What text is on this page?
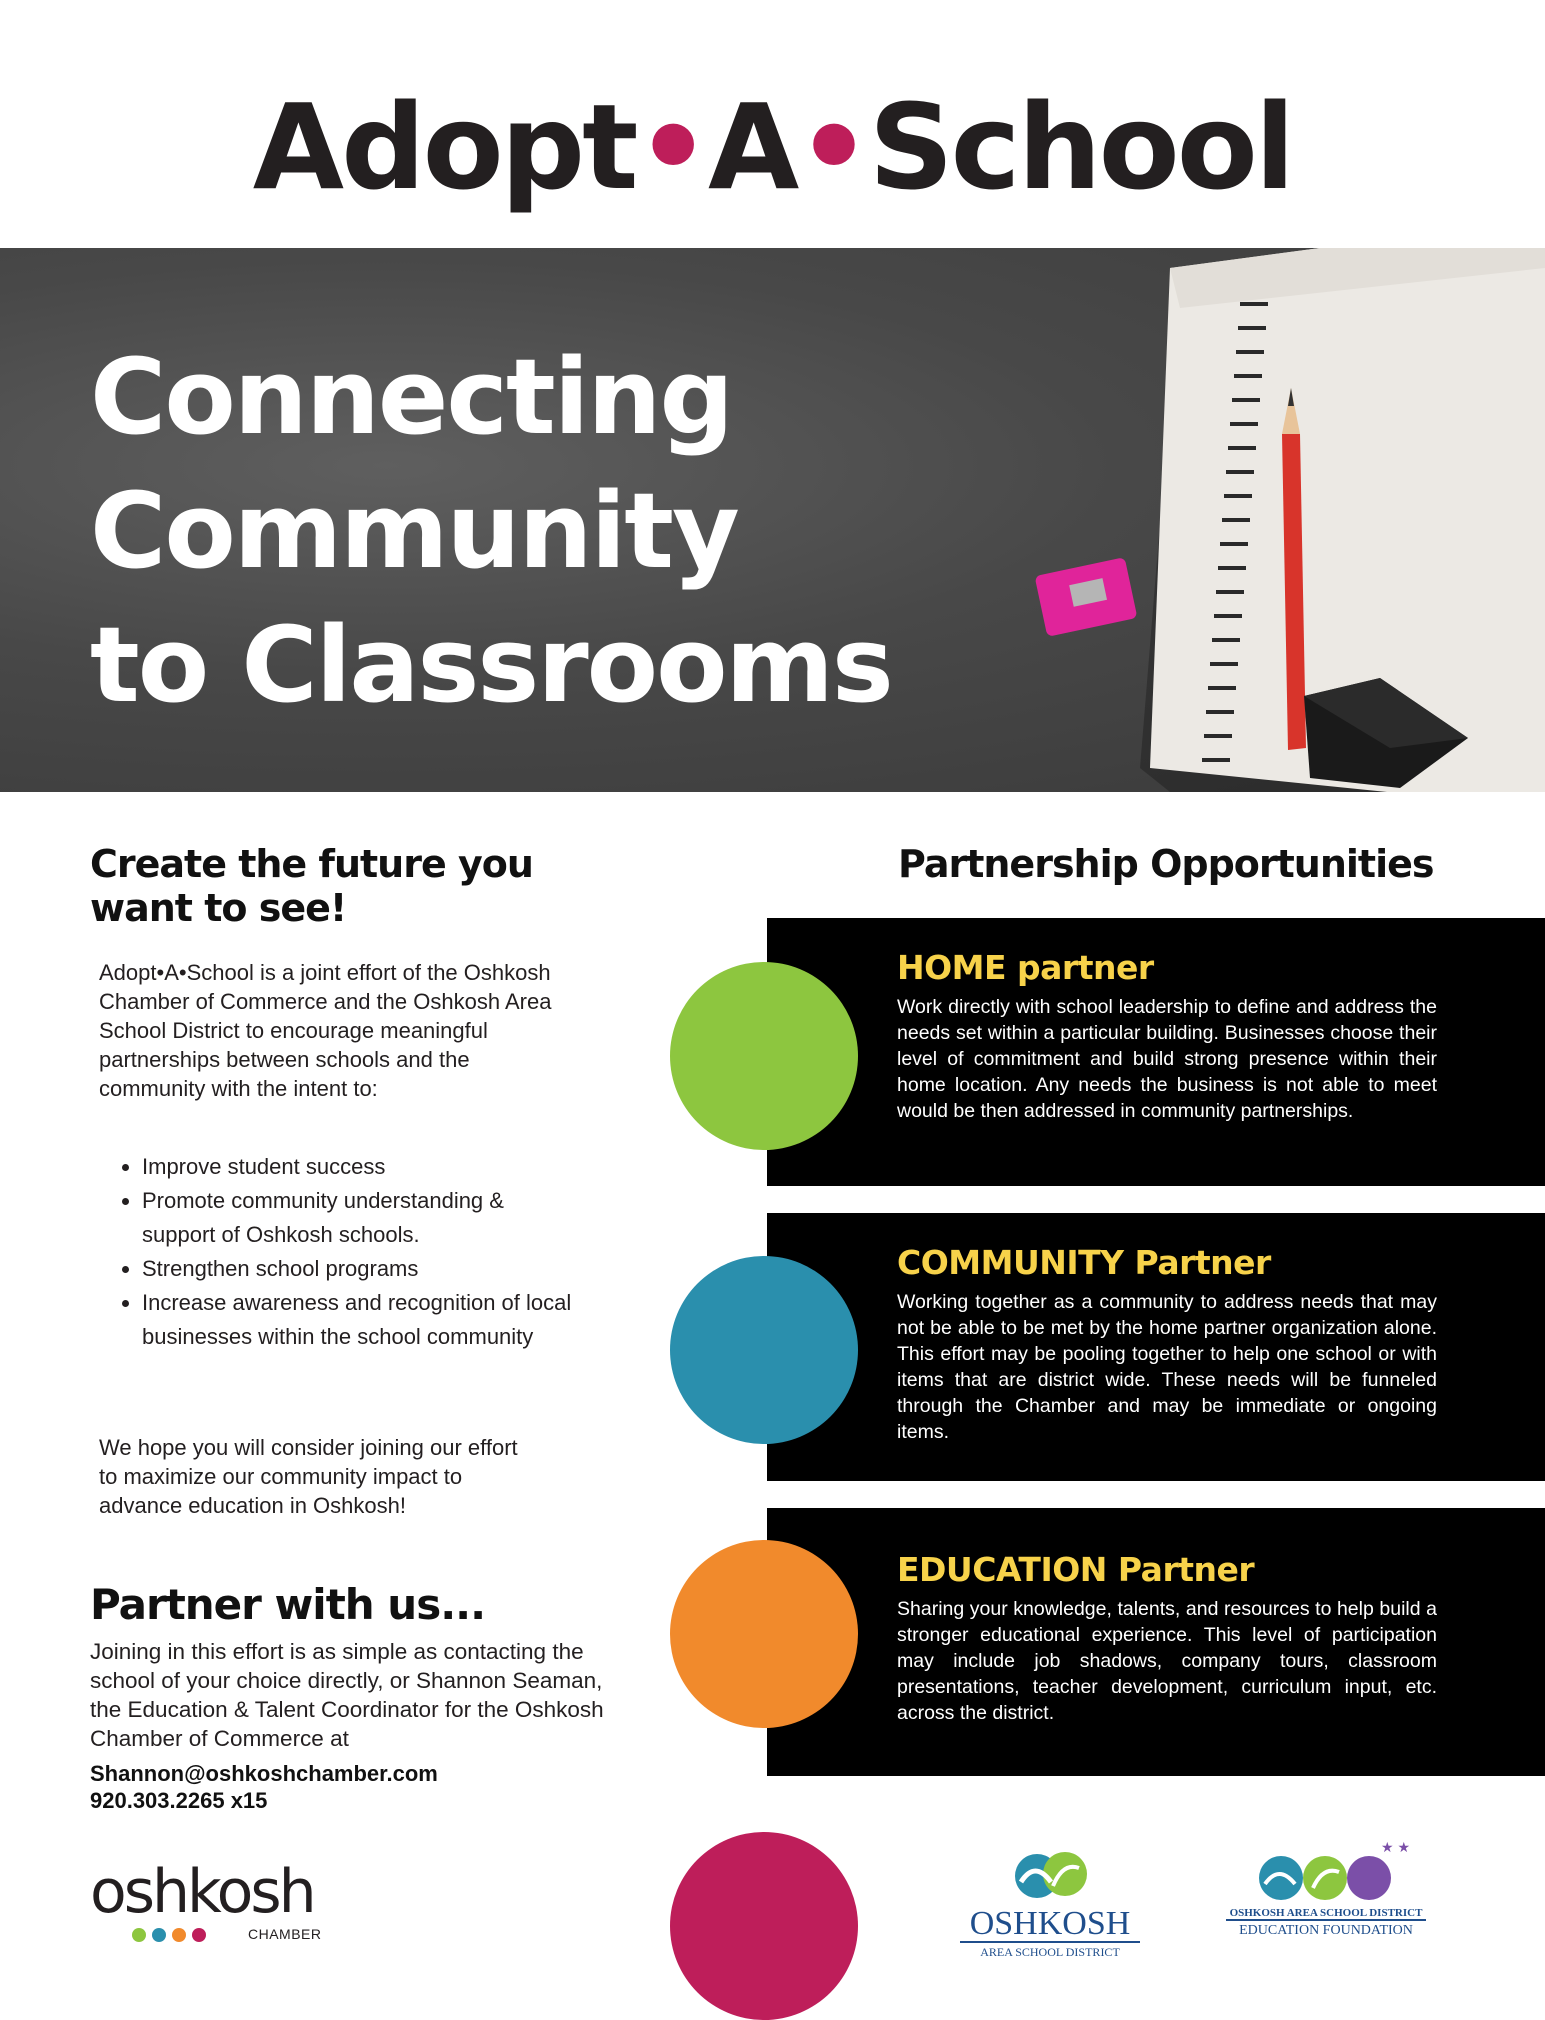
Adopt•A•School
Connecting
Community
to Classrooms
Create the future you want to see!
Adopt•A•School is a joint effort of the Oshkosh Chamber of Commerce and the Oshkosh Area School District to encourage meaningful partnerships between schools and the community with the intent to:
• Improve student success
• Promote community understanding & support of Oshkosh schools.
• Strengthen school programs
• Increase awareness and recognition of local businesses within the school community
We hope you will consider joining our effort to maximize our community impact to advance education in Oshkosh!
Partner with us...
Joining in this effort is as simple as contacting the school of your choice directly, or Shannon Seaman, the Education & Talent Coordinator for the Oshkosh Chamber of Commerce at
Shannon@oshkoshchamber.com
920.303.2265 x15
Partnership Opportunities
HOME partner
Work directly with school leadership to define and address the needs set within a particular building. Businesses choose their level of commitment and build strong presence within their home location. Any needs the business is not able to meet would be then addressed in community partnerships.
COMMUNITY Partner
Working together as a community to address needs that may not be able to be met by the home partner organization alone. This effort may be pooling together to help one school or with items that are district wide. These needs will be funneled through the Chamber and may be immediate or ongoing items.
EDUCATION Partner
Sharing your knowledge, talents, and resources to help build a stronger educational experience. This level of participation may include job shadows, company tours, classroom presentations, teacher development, curriculum input, etc. across the district.
oshkosh
CHAMBER	OSHKOSH
AREA SCHOOL DISTRICT
★ ★
OSHKOSH AREA SCHOOL DISTRICT
EDUCATION FOUNDATION
